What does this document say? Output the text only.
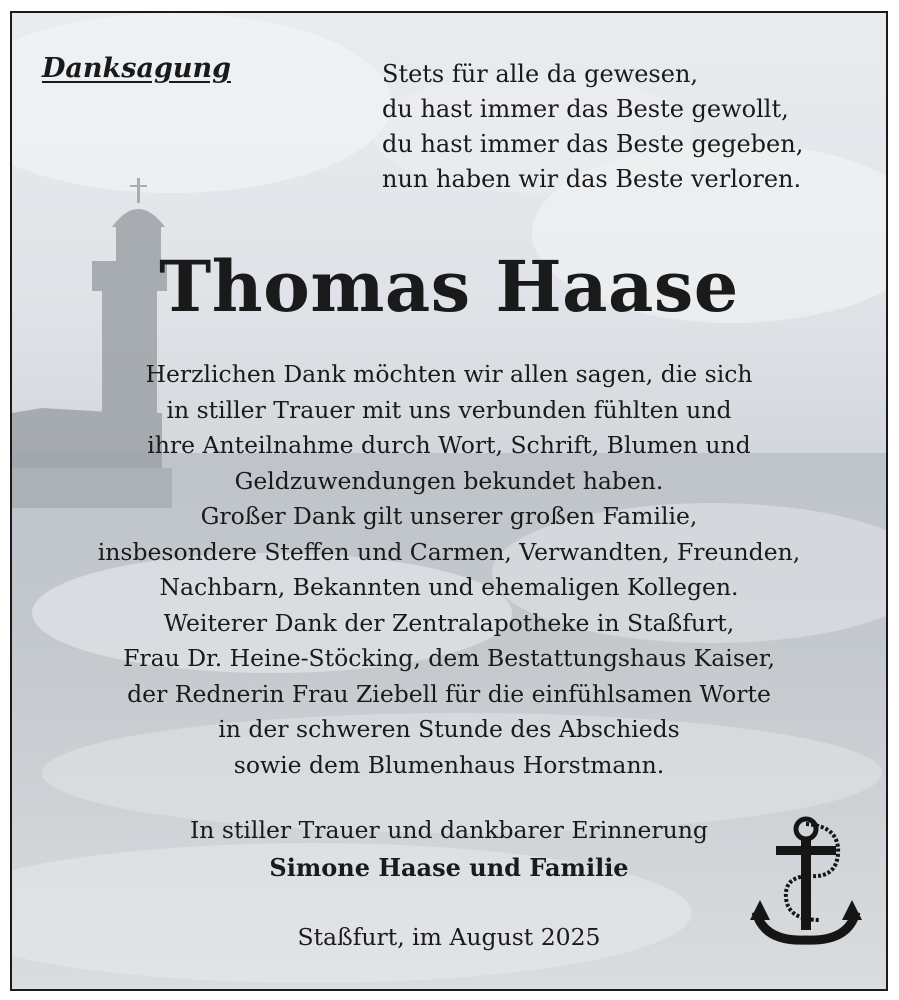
Danksagung	Stets für alle da gewesen,
du hast immer das Beste gewollt,
du hast immer das Beste gegeben,
nun haben wir das Beste verloren.
Thomas Haase
Herzlichen Dank möchten wir allen sagen, die sich
in stiller Trauer mit uns verbunden fühlten und
ihre Anteilnahme durch Wort, Schrift, Blumen und
Geldzuwendungen bekundet haben.
Großer Dank gilt unserer großen Familie,
insbesondere Steffen und Carmen, Verwandten, Freunden,
Nachbarn, Bekannten und ehemaligen Kollegen.
Weiterer Dank der Zentralapotheke in Staßfurt,
Frau Dr. Heine-Stöcking, dem Bestattungshaus Kaiser,
der Rednerin Frau Ziebell für die einfühlsamen Worte
in der schweren Stunde des Abschieds
sowie dem Blumenhaus Horstmann.
In stiller Trauer und dankbarer Erinnerung
Simone Haase und Familie
Staßfurt, im August 2025
